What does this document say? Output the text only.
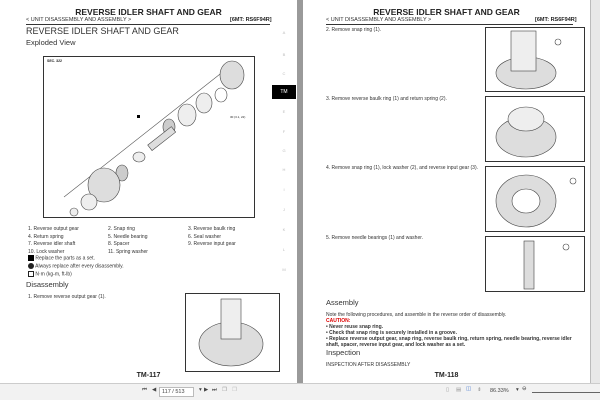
REVERSE IDLER SHAFT AND GEAR
< UNIT DISASSEMBLY AND ASSEMBLY >	[6MT: RS6F94R]
REVERSE IDLER SHAFT AND GEAR
Exploded View
SEC. 322
30 (3.1, 22)
1. Reverse output gear	2. Snap ring	3. Reverse baulk ring
4. Return spring	5. Needle bearing	6. Seal washer
7. Reverse idler shaft	8. Spacer	9. Reverse input gear
10. Lock washer	11. Spring washer
Replace the parts as a set.
Always replace after every disassembly.
N·m (kg-m, ft-lb)
Disassembly
1. Remove reverse output gear (1).
TM-117
A
B
C
TM
E
F
G
H
I
J
K
L
M
REVERSE IDLER SHAFT AND GEAR
< UNIT DISASSEMBLY AND ASSEMBLY >	[6MT: RS6F94R]
2. Remove snap ring (1).
3. Remove reverse baulk ring (1) and return spring (2).
4. Remove snap ring (1), lock washer (2), and reverse input gear (3).
5. Remove needle bearings (1) and washer.
Assembly
Note the following procedures, and assemble in the reverse order of disassembly.
CAUTION:
• Never reuse snap ring.
• Check that snap ring is securely installed in a groove.
• Replace reverse output gear, snap ring, reverse baulk ring, return spring, needle bearing, reverse idler shaft, spacer, reverse input gear, and lock washer as a set.
Inspection
INSPECTION AFTER DISASSEMBLY
TM-118
⏮ ◀	117 / 513	▾ ▶ ⏭ ❐ ❐	▯ ▤ ◫ ⇟ 86.33% ▾ ⊖
